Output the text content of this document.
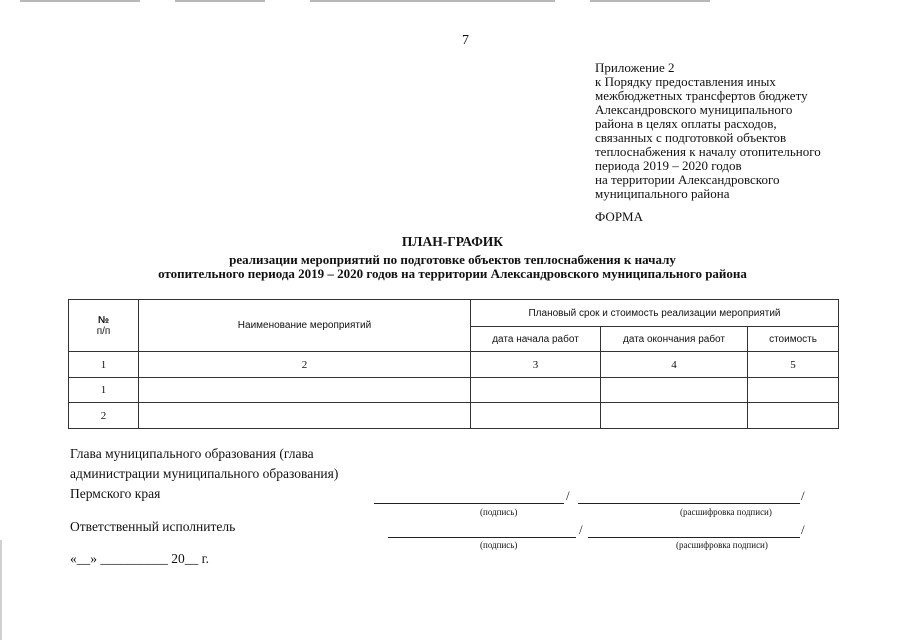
7
Приложение 2
к Порядку предоставления иных
межбюджетных трансфертов бюджету
Александровского муниципального
района в целях оплаты расходов,
связанных с подготовкой объектов
теплоснабжения к началу отопительного
периода 2019 – 2020 годов
на территории Александровского
муниципального района
ФОРМА
ПЛАН-ГРАФИК
реализации мероприятий по подготовке объектов теплоснабжения к началу
отопительного периода 2019 – 2020 годов на территории Александровского муниципального района
№
п/п	Наименование мероприятий	Плановый срок и стоимость реализации мероприятий		
		дата начала работ	дата окончания работ	стоимость
1	2	3	4	5
1				
2				
Глава муниципального образования (глава
администрации муниципального образования)
Пермского края	/	/
(подпись)	(расшифровка подписи)
Ответственный исполнитель	/	/
(подпись)	(расшифровка подписи)
«__» __________ 20__ г.
